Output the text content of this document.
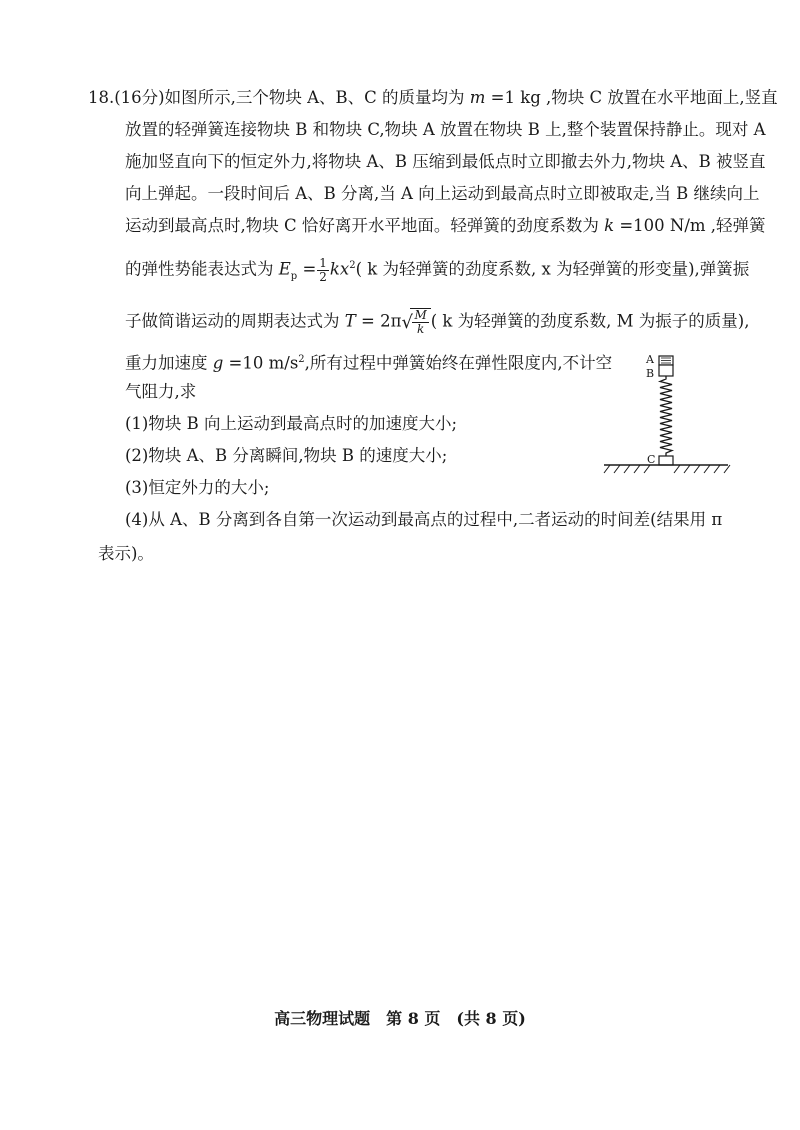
18.(16分)如图所示,三个物块 A、B、C 的质量均为 m =1 kg ,物块 C 放置在水平地面上,竖直
放置的轻弹簧连接物块 B 和物块 C,物块 A 放置在物块 B 上,整个装置保持静止。现对 A
施加竖直向下的恒定外力,将物块 A、B 压缩到最低点时立即撤去外力,物块 A、B 被竖直
向上弹起。一段时间后 A、B 分离,当 A 向上运动到最高点时立即被取走,当 B 继续向上
运动到最高点时,物块 C 恰好离开水平地面。轻弹簧的劲度系数为 k =100 N/m ,轻弹簧
的弹性势能表达式为 $E_p = \frac{1}{2} kx^2$( k 为轻弹簧的劲度系数, x 为轻弹簧的形变量),弹簧振
子做简谐运动的周期表达式为 T = 2π √ $\frac{M}{k}$ ( k 为轻弹簧的劲度系数, M 为振子的质量),
重力加速度 g =10 $m/s^2$,所有过程中弹簧始终在弹性限度内,不计空
气阻力,求
(1)物块 B 向上运动到最高点时的加速度大小;
(2)物块 A、B 分离瞬间,物块 B 的速度大小;
(3)恒定外力的大小;
(4)从 A、B 分离到各自第一次运动到最高点的过程中,二者运动的时间差(结果用 π
表示)。
A
B
C
高三物理试题　第 8 页　(共 8 页)
